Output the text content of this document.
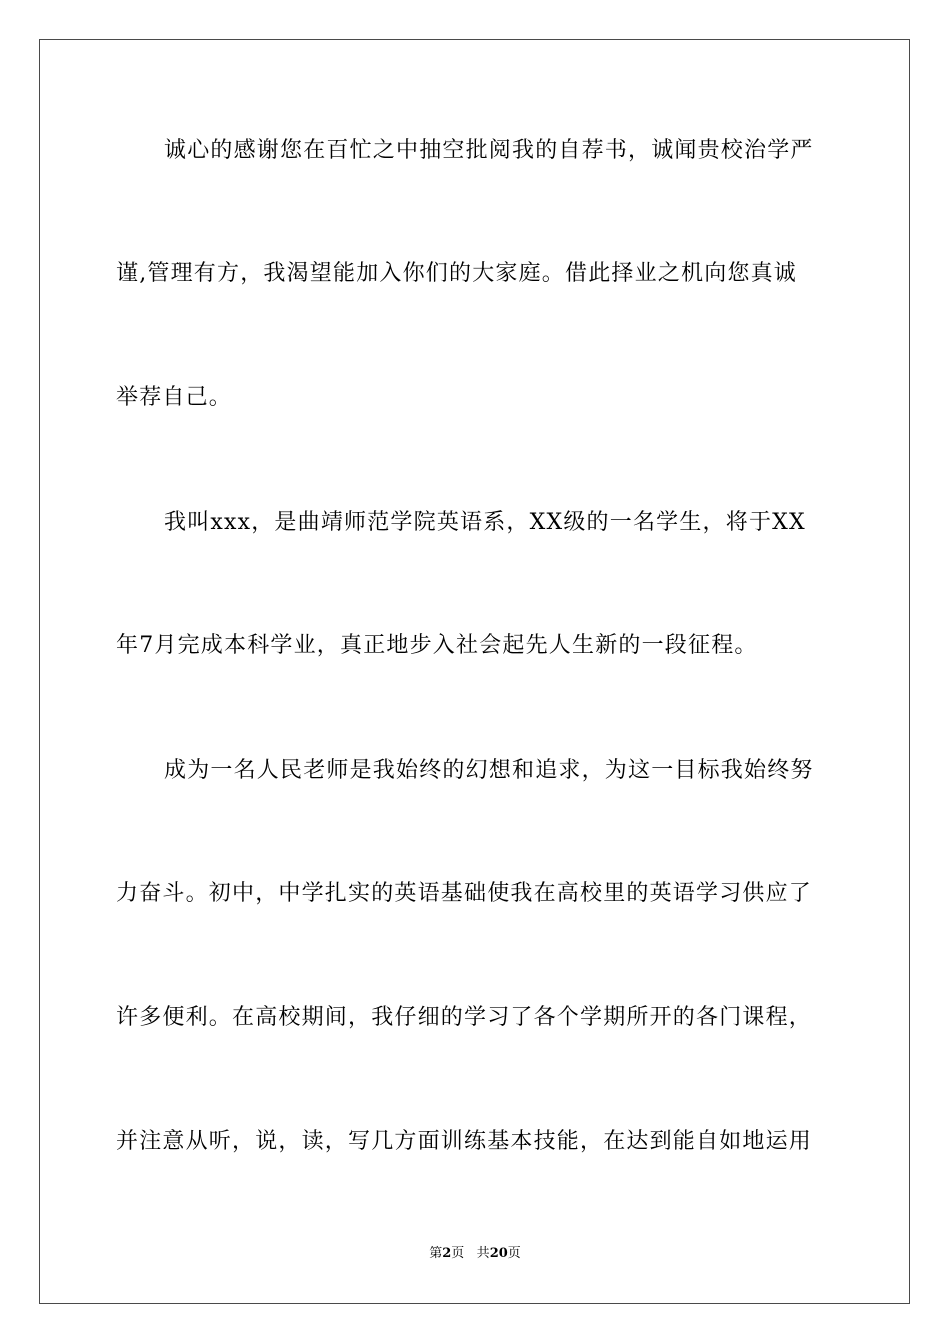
诚心的感谢您在百忙之中抽空批阅我的自荐书，诚闻贵校治学严
谨,管理有方，我渴望能加入你们的大家庭。借此择业之机向您真诚
举荐自己。
我叫xxx，是曲靖师范学院英语系，XX级的一名学生，将于XX
年7月完成本科学业，真正地步入社会起先人生新的一段征程。
成为一名人民老师是我始终的幻想和追求，为这一目标我始终努
力奋斗。初中，中学扎实的英语基础使我在高校里的英语学习供应了
许多便利。在高校期间，我仔细的学习了各个学期所开的各门课程，
并注意从听，说，读，写几方面训练基本技能，在达到能自如地运用
第2页 共20页
